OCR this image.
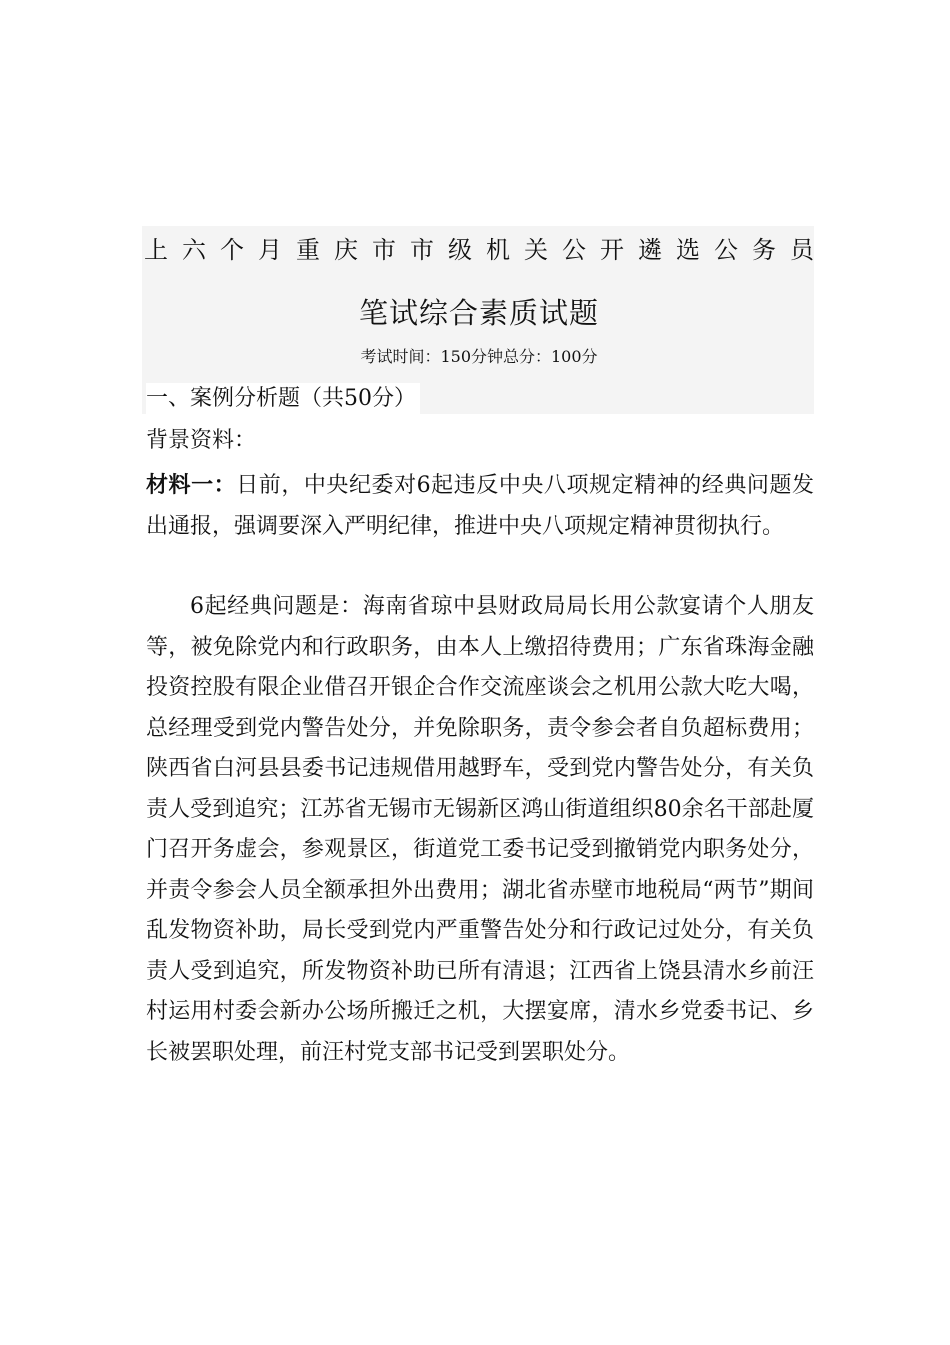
上 六 个 月 重 庆 市 市 级 机 关 公 开 遴 选 公 务 员
笔试综合素质试题
考试时间：150分钟总分：100分
一、案例分析题（共50分）
背景资料：

材料一：日前，中央纪委对6起违反中央八项规定精神的经典问题发出通报，强调要深入严明纪律，推进中央八项规定精神贯彻执行。

6起经典问题是：海南省琼中县财政局局长用公款宴请个人朋友等，被免除党内和行政职务，由本人上缴招待费用；广东省珠海金融投资控股有限企业借召开银企合作交流座谈会之机用公款大吃大喝，总经理受到党内警告处分，并免除职务，责令参会者自负超标费用；陕西省白河县县委书记违规借用越野车，受到党内警告处分，有关负责人受到追究；江苏省无锡市无锡新区鸿山街道组织80余名干部赴厦门召开务虚会，参观景区，街道党工委书记受到撤销党内职务处分，并责令参会人员全额承担外出费用；湖北省赤壁市地税局“两节”期间乱发物资补助，局长受到党内严重警告处分和行政记过处分，有关负责人受到追究，所发物资补助已所有清退；江西省上饶县清水乡前汪村运用村委会新办公场所搬迁之机，大摆宴席，清水乡党委书记、乡长被罢职处理，前汪村党支部书记受到罢职处分。
